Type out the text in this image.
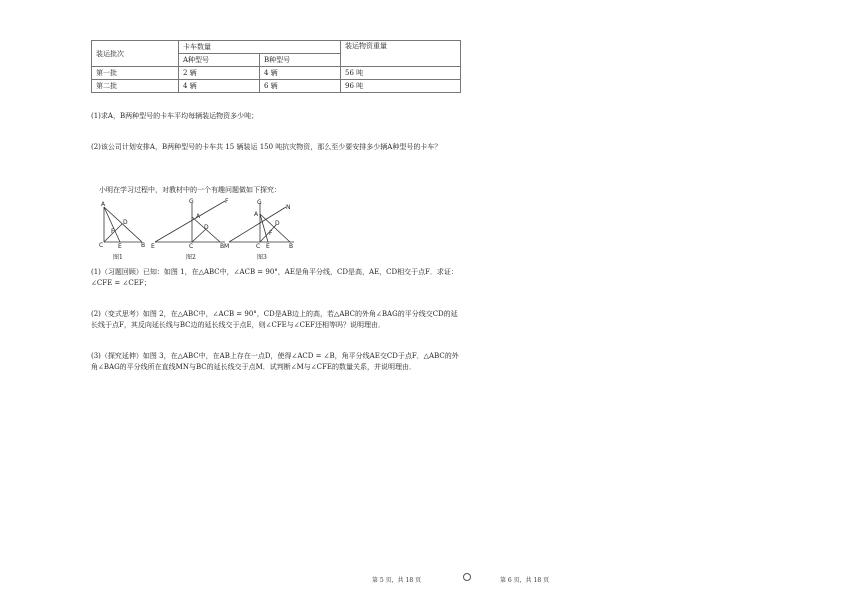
装运批次	卡车数量		装运物资重量
	A种型号	B种型号	
第一批	2 辆	4 辆	56 吨
第二批	4 辆	6 辆	96 吨
(1)求A，B两种型号的卡车平均每辆装运物资多少吨；
(2)该公司计划安排A，B两种型号的卡车共 15 辆装运 150 吨抗灾物资，那么至少要安排多少辆A种型号的卡车？
小明在学习过程中，对教材中的一个有趣问题做如下探究：
A
C	B
D
E
F
图1
G	F
A
E	C	B
D
图2
G
N
A
M	C E	B
D
F
图3
(1)（习题回顾）已知：如图 1，在△ABC中，∠ACB = 90°，AE是角平分线，CD是高，AE，CD相交于点F．求证：∠CFE = ∠CEF；
(2)（变式思考）如图 2，在△ABC中，∠ACB = 90°，CD是AB边上的高，若△ABC的外角∠BAG的平分线交CD的延长线于点F，其反向延长线与BC边的延长线交于点E，则∠CFE与∠CEF还相等吗？说明理由．
(3)（探究延伸）如图 3，在△ABC中，在AB上存在一点D，使得∠ACD = ∠B，角平分线AE交CD于点F．△ABC的外角∠BAG的平分线所在直线MN与BC的延长线交于点M．试判断∠M与∠CFE的数量关系，并说明理由．
第 5 页，共 18 页	第 6 页，共 18 页
